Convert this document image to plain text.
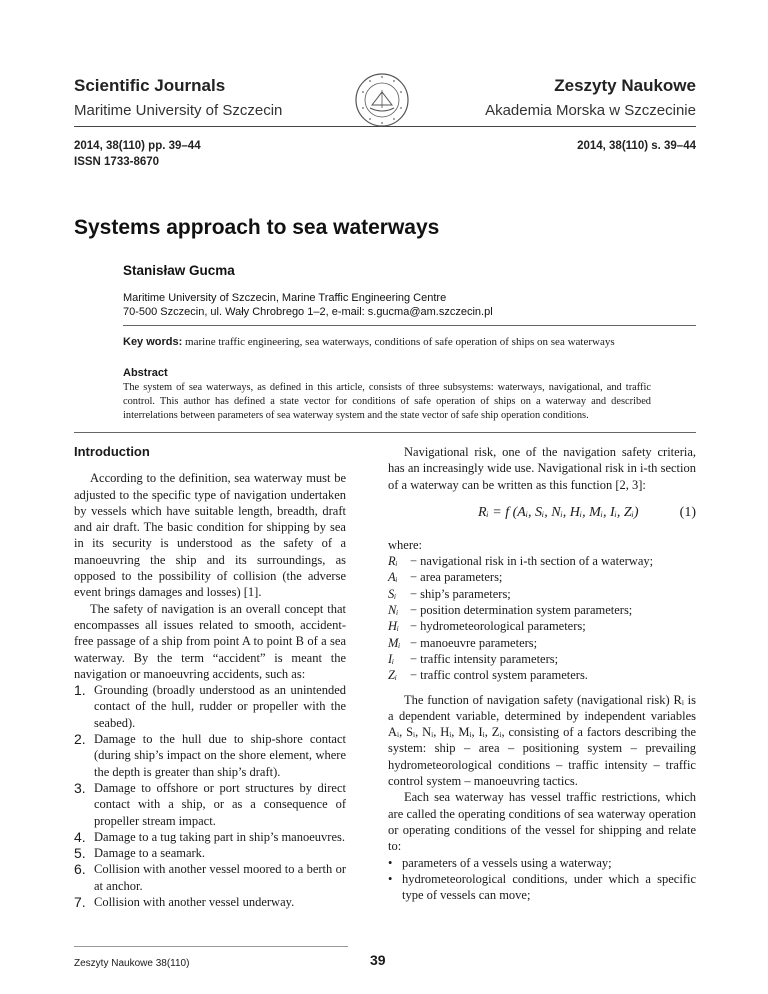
Scientific Journals
Maritime University of Szczecin
Zeszyty Naukowe
Akademia Morska w Szczecinie
2014, 38(110) pp. 39–44
ISSN 1733-8670
2014, 38(110) s. 39–44
Systems approach to sea waterways
Stanisław Gucma
Maritime University of Szczecin, Marine Traffic Engineering Centre
70-500 Szczecin, ul. Wały Chrobrego 1–2, e-mail: s.gucma@am.szczecin.pl
Key words: marine traffic engineering, sea waterways, conditions of safe operation of ships on sea waterways
Abstract
The system of sea waterways, as defined in this article, consists of three subsystems: waterways, navigational, and traffic control. This author has defined a state vector for conditions of safe operation of ships on a waterway and described interrelations between parameters of sea waterway system and the state vector of safe ship operation conditions.
Introduction

According to the definition, sea waterway must be adjusted to the specific type of navigation undertaken by vessels which have suitable length, breadth, draft and air draft. The basic condition for shipping by sea in its security is understood as the safety of a manoeuvring the ship and its surroundings, as opposed to the possibility of collision (the adverse event brings damages and losses) [1].

The safety of navigation is an overall concept that encompasses all issues related to smooth, accident-free passage of a ship from point A to point B of a sea waterway. By the term “accident” is meant the navigation or manoeuvring accidents, such as:

1. Grounding (broadly understood as an unintended contact of the hull, rudder or propeller with the seabed).
2. Damage to the hull due to ship-shore contact (during ship’s impact on the shore element, where the depth is greater than ship’s draft).
3. Damage to offshore or port structures by direct contact with a ship, or as a consequence of propeller stream impact.
4. Damage to a tug taking part in ship’s manoeuvres.
5. Damage to a seamark.
6. Collision with another vessel moored to a berth or at anchor.
7. Collision with another vessel underway.

Navigational risk, one of the navigation safety criteria, has an increasingly wide use. Navigational risk in i-th section of a waterway can be written as this function [2, 3]:

Rᵢ = f (Aᵢ, Sᵢ, Nᵢ, Hᵢ, Mᵢ, Iᵢ, Zᵢ)	(1)
where:
Rᵢ − navigational risk in i-th section of a waterway;
Aᵢ − area parameters;
Sᵢ	− ship’s parameters;
Nᵢ − position determination system parameters;
Hᵢ − hydrometeorological parameters;
Mᵢ − manoeuvre parameters;
Iᵢ	− traffic intensity parameters;
Zᵢ	− traffic control system parameters.

The function of navigation safety (navigational risk) Rᵢ is a dependent variable, determined by independent variables Aᵢ, Sᵢ, Nᵢ, Hᵢ, Mᵢ, Iᵢ, Zᵢ, consisting of a factors describing the system: ship – area – positioning system – prevailing hydrometeorological conditions – traffic intensity – traffic control system – manoeuvring tactics.

Each sea waterway has vessel traffic restrictions, which are called the operating conditions of sea waterway operation or operating conditions of the vessel for shipping and relate to:

• parameters of a vessels using a waterway;
• hydrometeorological conditions, under which a specific type of vessels can move;
Zeszyty Naukowe 38(110)	39
